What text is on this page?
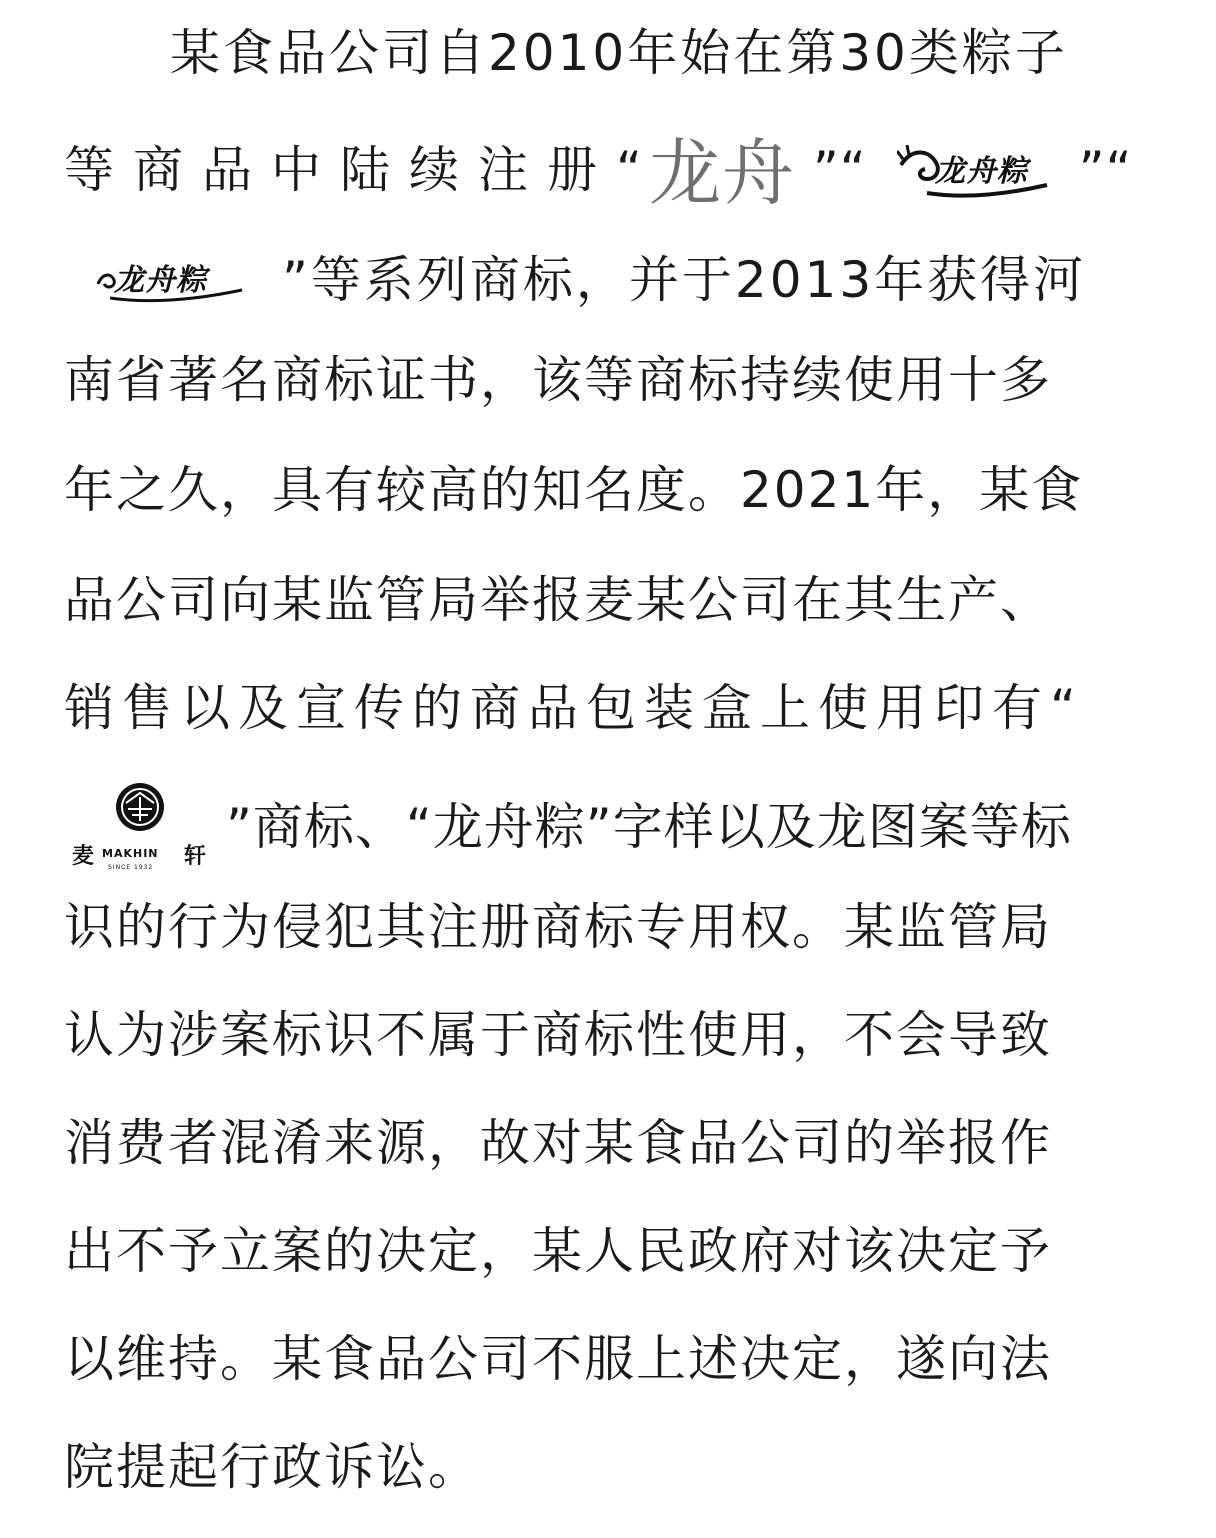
某食品公司自2010年始在第30类粽子
等商品中陆续注册 “ 龙舟 ”“ 龙舟粽 ”“
龙舟粽 ”等系列商标，并于2013年获得河
南省著名商标证书，该等商标持续使用十多
年之久，具有较高的知名度。2021年，某食
品公司向某监管局举报麦某公司在其生产、
销售以及宣传的商品包装盒上使用印有“
麦 MAKHIN
SINCE 1932 轩 ”商标、“龙舟粽”字样以及龙图案等标
识的行为侵犯其注册商标专用权。某监管局
认为涉案标识不属于商标性使用，不会导致
消费者混淆来源，故对某食品公司的举报作
出不予立案的决定，某人民政府对该决定予
以维持。某食品公司不服上述决定，遂向法
院提起行政诉讼。
